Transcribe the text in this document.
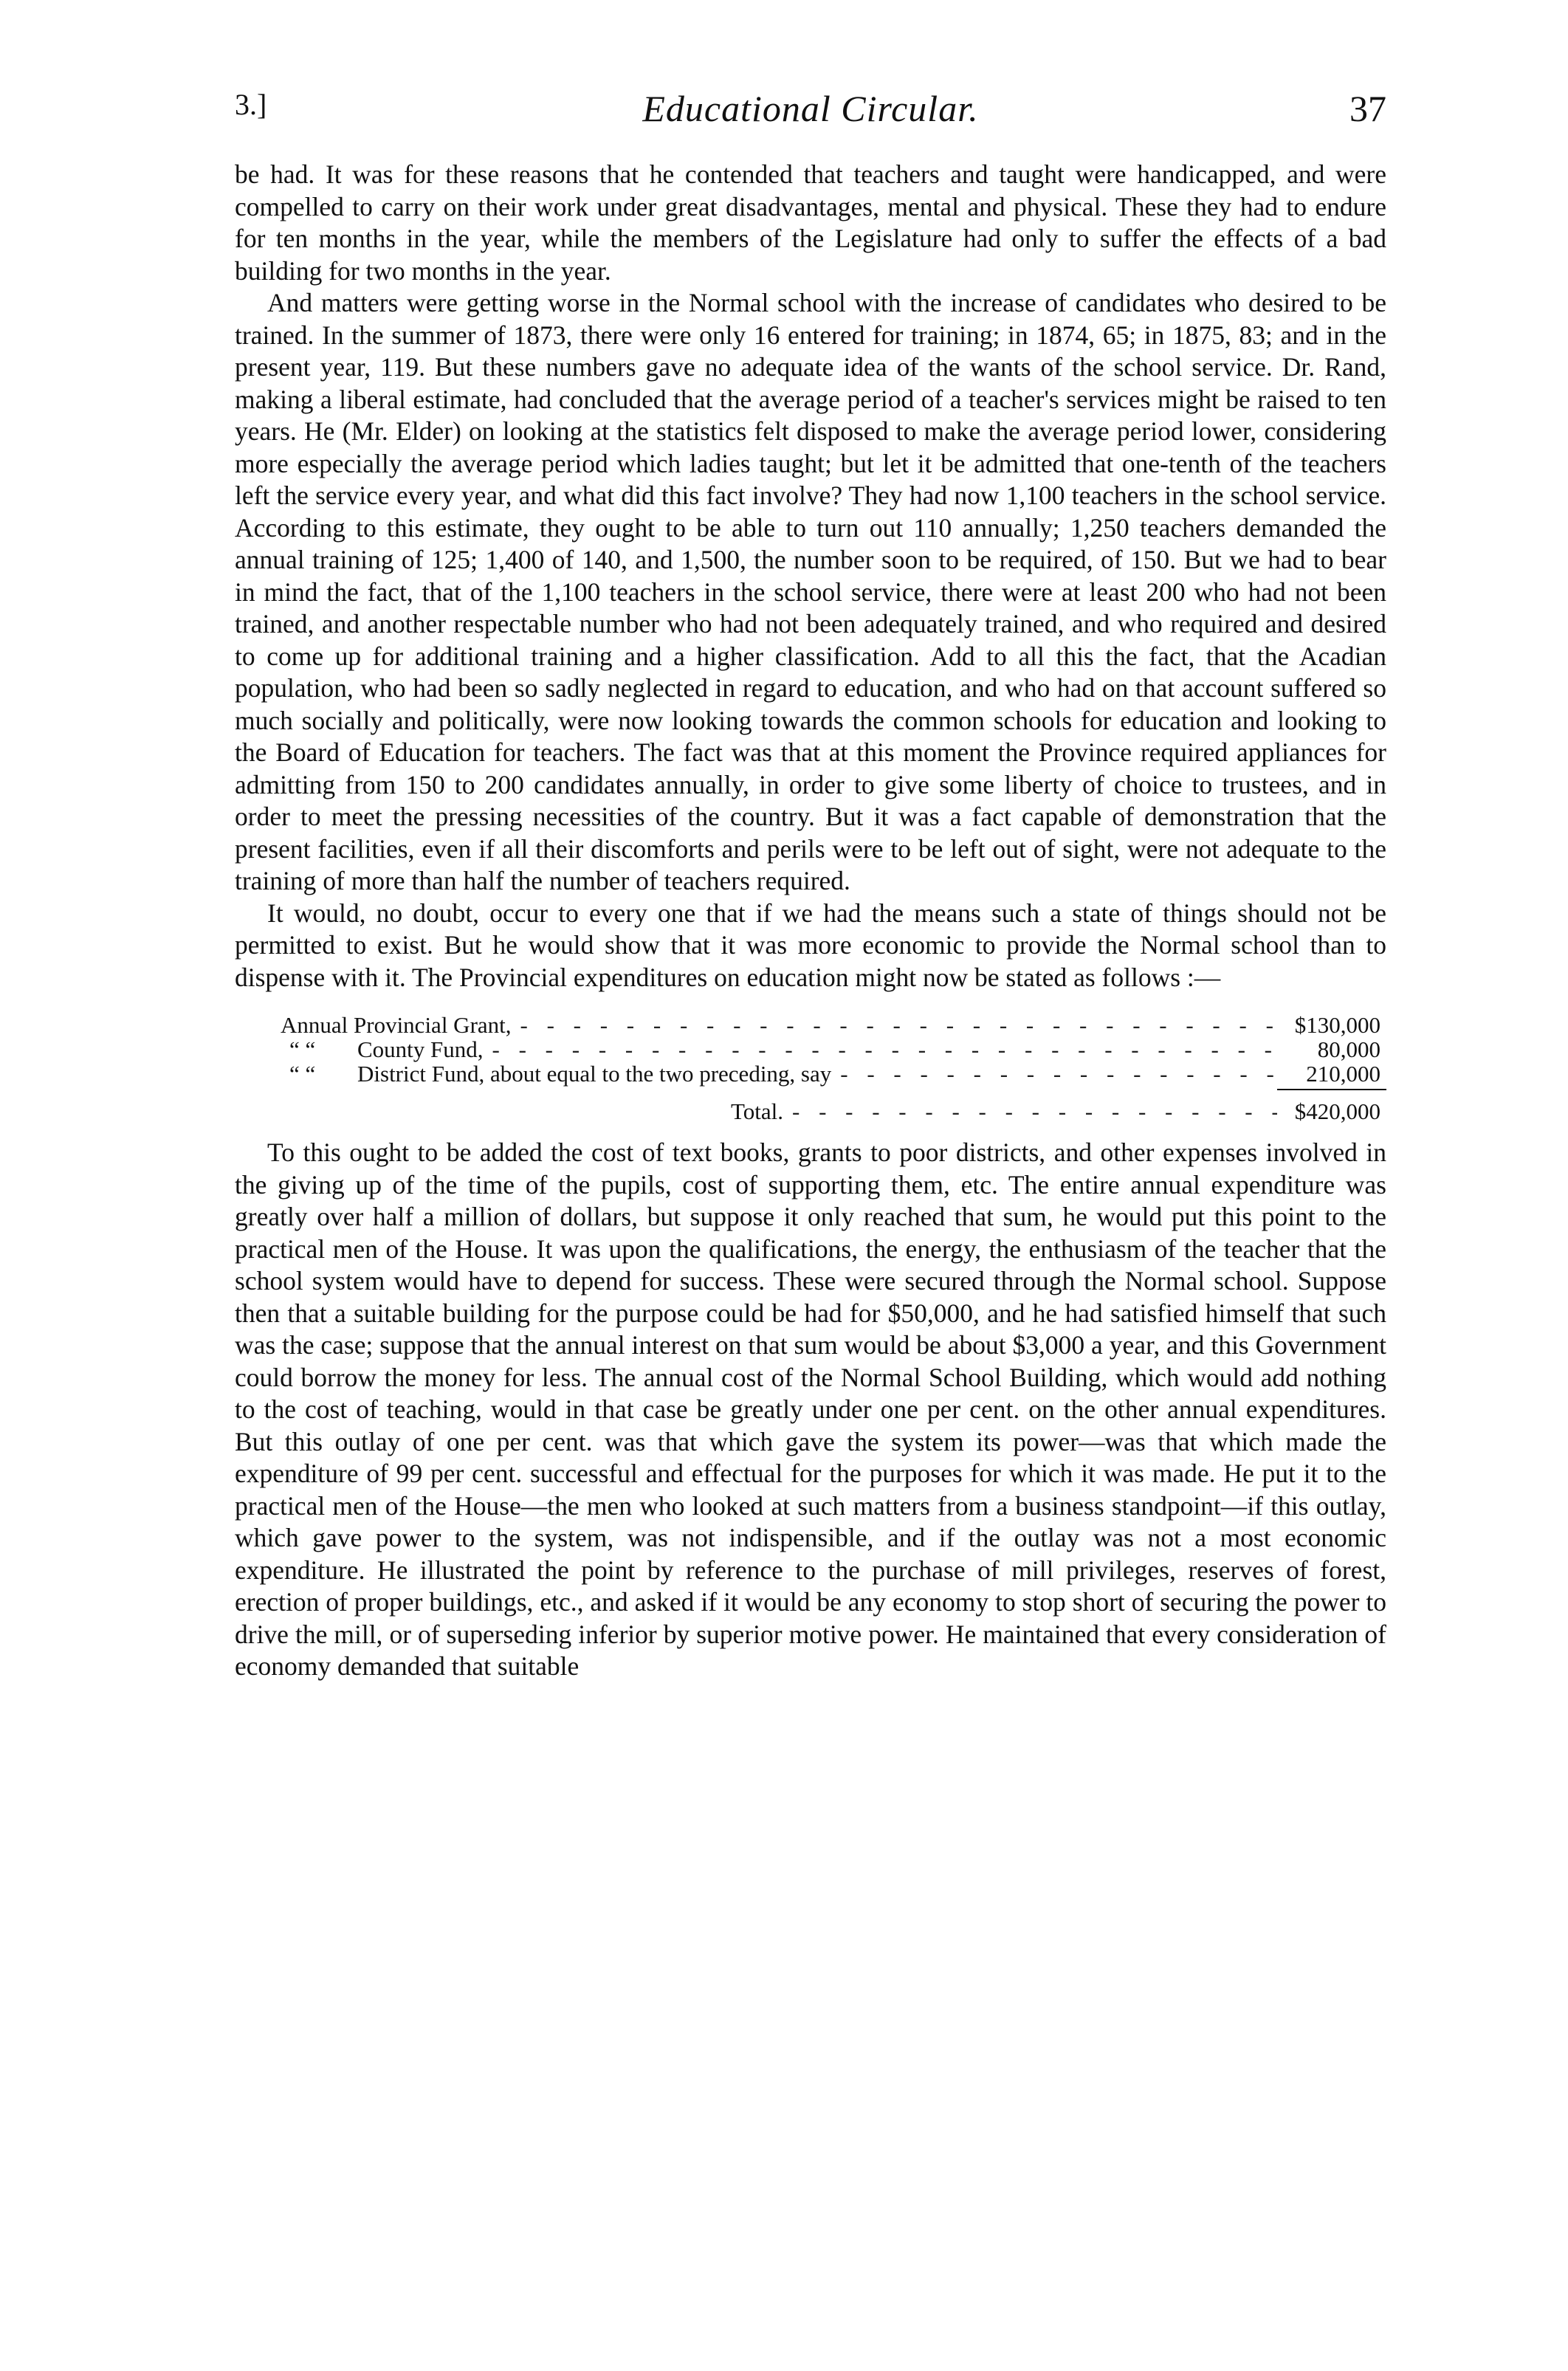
3.]	Educational Circular.	37

be had. It was for these reasons that he contended that teachers and taught were handicapped, and were compelled to carry on their work under great disadvantages, mental and physical. These they had to endure for ten months in the year, while the members of the Legislature had only to suffer the effects of a bad building for two months in the year.

And matters were getting worse in the Normal school with the increase of candidates who desired to be trained. In the summer of 1873, there were only 16 entered for training; in 1874, 65; in 1875, 83; and in the present year, 119. But these numbers gave no adequate idea of the wants of the school service. Dr. Rand, making a liberal estimate, had concluded that the average period of a teacher's services might be raised to ten years. He (Mr. Elder) on looking at the statistics felt disposed to make the average period lower, considering more especially the average period which ladies taught; but let it be admitted that one-tenth of the teachers left the service every year, and what did this fact involve? They had now 1,100 teachers in the school service. According to this estimate, they ought to be able to turn out 110 annually; 1,250 teachers demanded the annual training of 125; 1,400 of 140, and 1,500, the number soon to be required, of 150. But we had to bear in mind the fact, that of the 1,100 teachers in the school service, there were at least 200 who had not been trained, and another respectable number who had not been adequately trained, and who required and desired to come up for additional training and a higher classification. Add to all this the fact, that the Acadian population, who had been so sadly neglected in regard to education, and who had on that account suffered so much socially and politically, were now looking towards the common schools for education and looking to the Board of Education for teachers. The fact was that at this moment the Province required appliances for admitting from 150 to 200 candidates annually, in order to give some liberty of choice to trustees, and in order to meet the pressing necessities of the country. But it was a fact capable of demonstration that the present facilities, even if all their discomforts and perils were to be left out of sight, were not adequate to the training of more than half the number of teachers required.

It would, no doubt, occur to every one that if we had the means such a state of things should not be permitted to exist. But he would show that it was more economic to provide the Normal school than to dispense with it. The Provincial expenditures on education might now be stated as follows :—

Annual Provincial Grant, - -	$130,000
“ “ County Fund, - -	80,000
“ “ District Fund, about equal to the two preceding, say - -	210,000
Total. - -	$420,000

To this ought to be added the cost of text books, grants to poor districts, and other expenses involved in the giving up of the time of the pupils, cost of supporting them, etc. The entire annual expenditure was greatly over half a million of dollars, but suppose it only reached that sum, he would put this point to the practical men of the House. It was upon the qualifications, the energy, the enthusiasm of the teacher that the school system would have to depend for success. These were secured through the Normal school. Suppose then that a suitable building for the purpose could be had for $50,000, and he had satisfied himself that such was the case; suppose that the annual interest on that sum would be about $3,000 a year, and this Government could borrow the money for less. The annual cost of the Normal School Building, which would add nothing to the cost of teaching, would in that case be greatly under one per cent. on the other annual expenditures. But this outlay of one per cent. was that which gave the system its power—was that which made the expenditure of 99 per cent. successful and effectual for the purposes for which it was made. He put it to the practical men of the House—the men who looked at such matters from a business standpoint—if this outlay, which gave power to the system, was not indispensible, and if the outlay was not a most economic expenditure. He illustrated the point by reference to the purchase of mill privileges, reserves of forest, erection of proper buildings, etc., and asked if it would be any economy to stop short of securing the power to drive the mill, or of superseding inferior by superior motive power. He maintained that every consideration of economy demanded that suitable
